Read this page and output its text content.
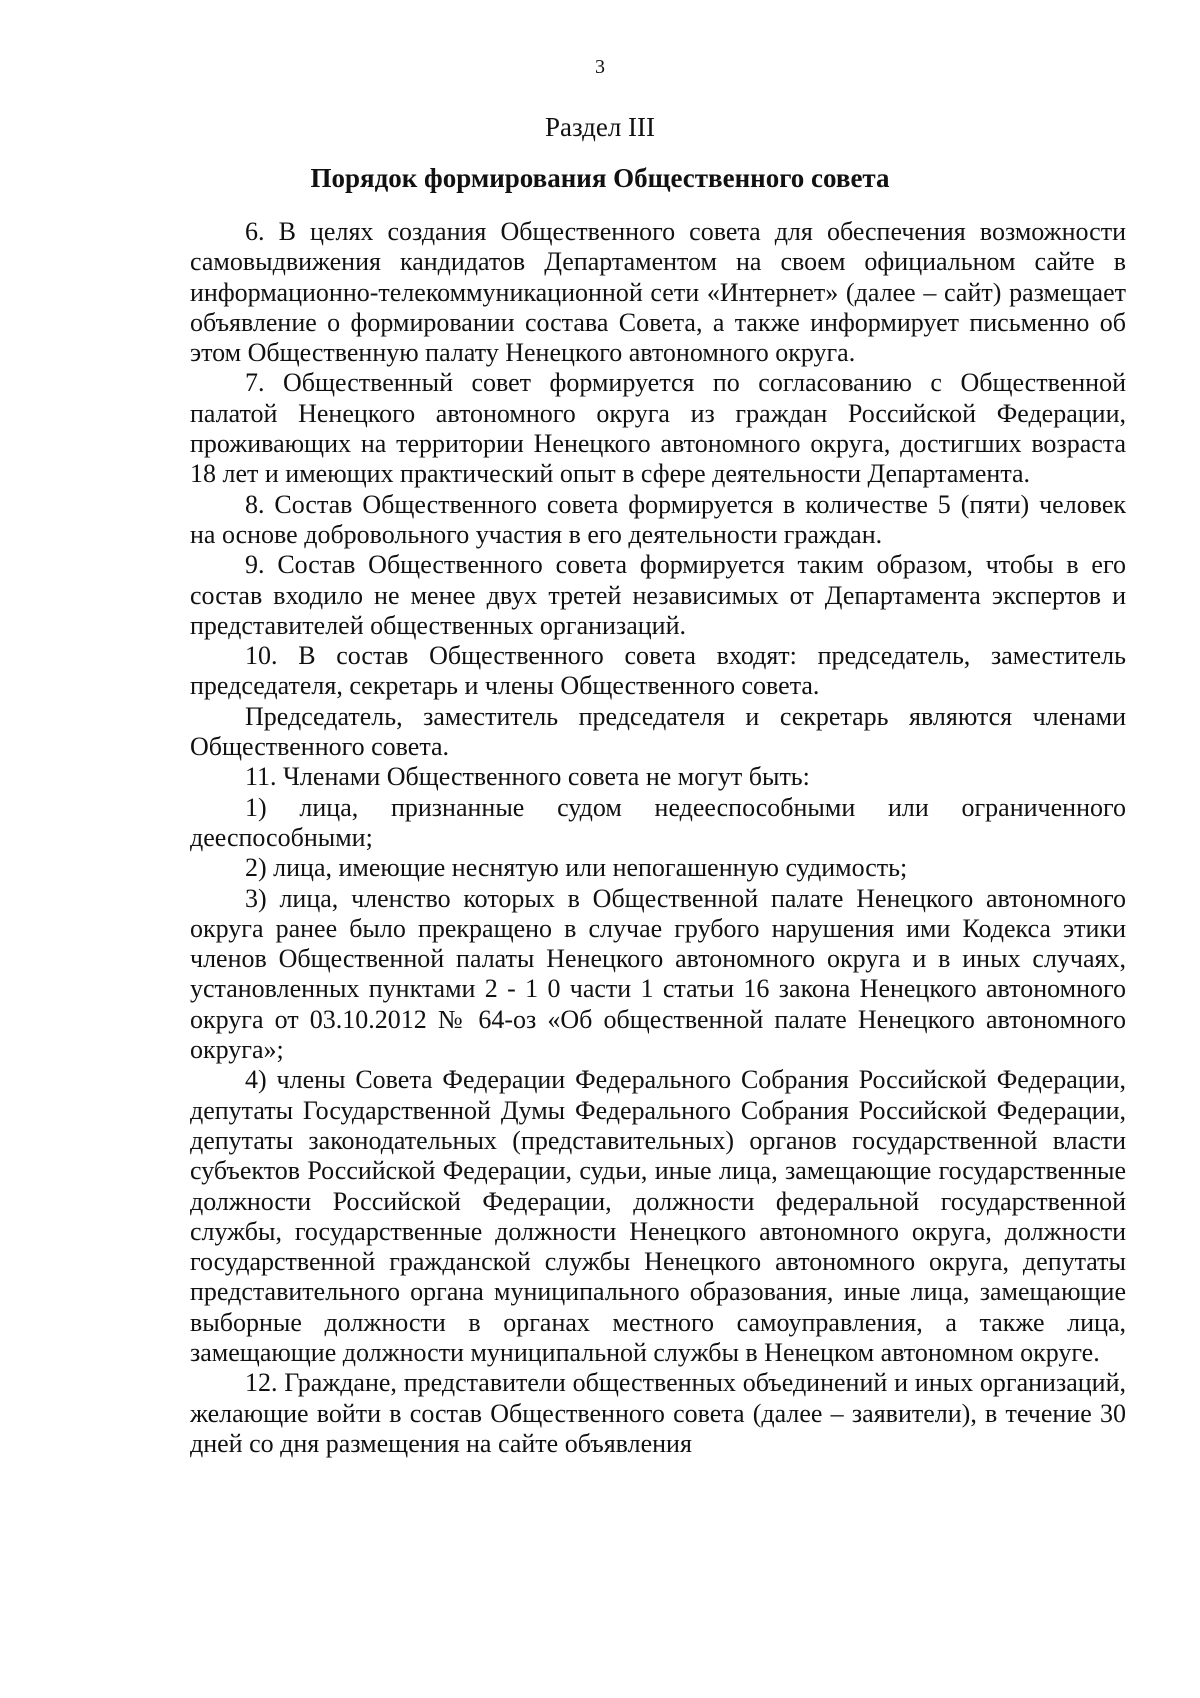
3
Раздел III
Порядок формирования Общественного совета

6. В целях создания Общественного совета для обеспечения возможности самовыдвижения кандидатов Департаментом на своем официальном сайте в информационно-телекоммуникационной сети «Интернет» (далее – сайт) размещает объявление о формировании состава Совета, а также информирует письменно об этом Общественную палату Ненецкого автономного округа.

7. Общественный совет формируется по согласованию с Общественной палатой Ненецкого автономного округа из граждан Российской Федерации, проживающих на территории Ненецкого автономного округа, достигших возраста 18 лет и имеющих практический опыт в сфере деятельности Департамента.

8. Состав Общественного совета формируется в количестве 5 (пяти) человек на основе добровольного участия в его деятельности граждан.

9. Состав Общественного совета формируется таким образом, чтобы в его состав входило не менее двух третей независимых от Департамента экспертов и представителей общественных организаций.

10. В состав Общественного совета входят: председатель, заместитель председателя, секретарь и члены Общественного совета.

Председатель, заместитель председателя и секретарь являются членами Общественного совета.

11. Членами Общественного совета не могут быть:

1) лица, признанные судом недееспособными или ограниченного дееспособными;

2) лица, имеющие неснятую или непогашенную судимость;

3) лица, членство которых в Общественной палате Ненецкого автономного округа ранее было прекращено в случае грубого нарушения ими Кодекса этики членов Общественной палаты Ненецкого автономного округа и в иных случаях, установленных пунктами 2 - 1 0 части 1 статьи 16 закона Ненецкого автономного округа от 03.10.2012 № 64-оз «Об общественной палате Ненецкого автономного округа»;

4) члены Совета Федерации Федерального Собрания Российской Федерации, депутаты Государственной Думы Федерального Собрания Российской Федерации, депутаты законодательных (представительных) органов государственной власти субъектов Российской Федерации, судьи, иные лица, замещающие государственные должности Российской Федерации, должности федеральной государственной службы, государственные должности Ненецкого автономного округа, должности государственной гражданской службы Ненецкого автономного округа, депутаты представительного органа муниципального образования, иные лица, замещающие выборные должности в органах местного самоуправления, а также лица, замещающие должности муниципальной службы в Ненецком автономном округе.

12. Граждане, представители общественных объединений и иных организаций, желающие войти в состав Общественного совета (далее – заявители), в течение 30 дней со дня размещения на сайте объявления
